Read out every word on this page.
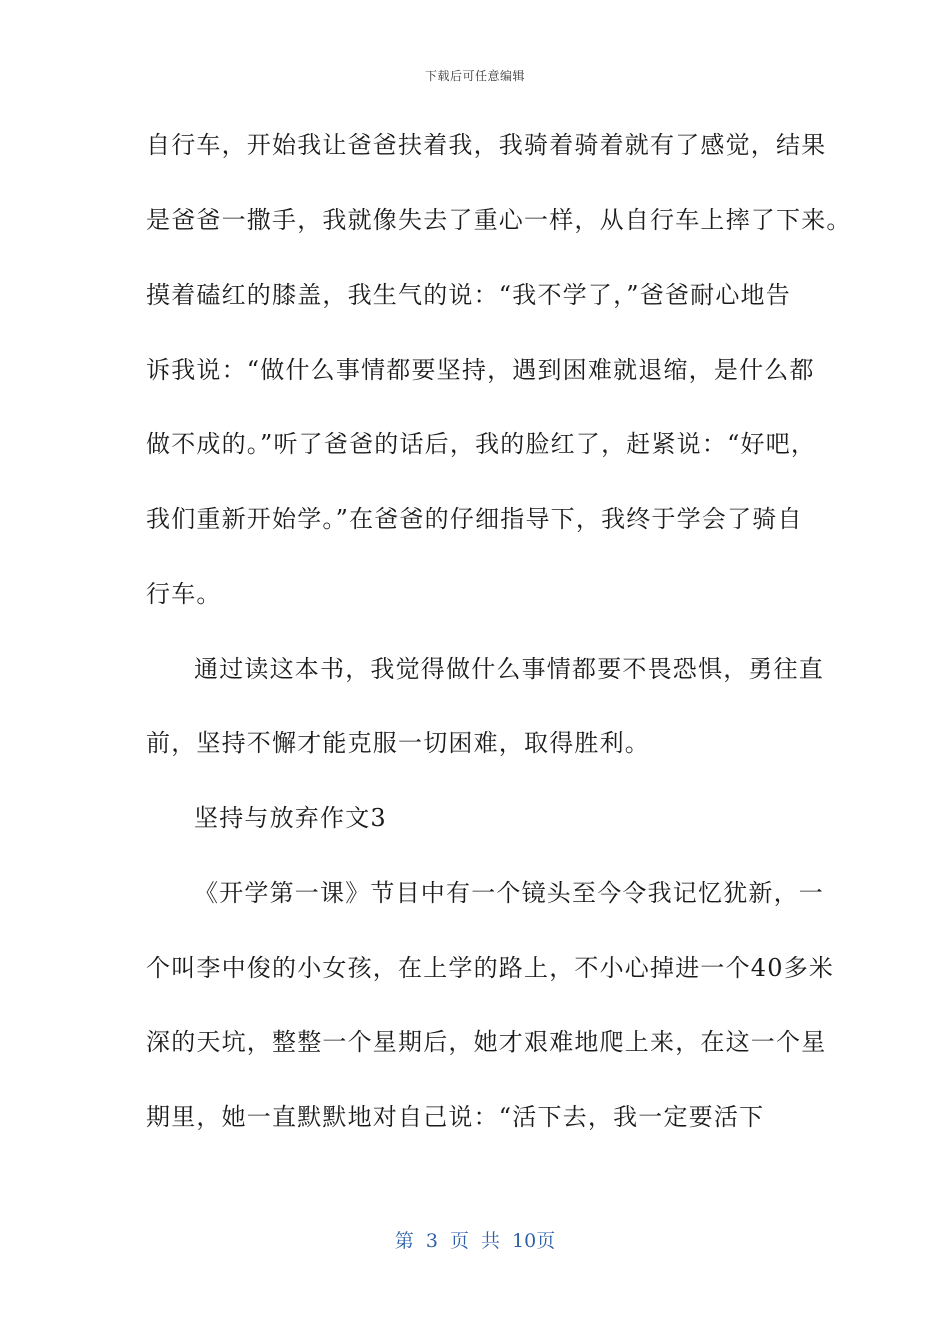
下载后可任意编辑
自行车，开始我让爸爸扶着我，我骑着骑着就有了感觉，结果
是爸爸一撒手，我就像失去了重心一样，从自行车上摔了下来。
摸着磕红的膝盖，我生气的说：“我不学了，”爸爸耐心地告
诉我说：“做什么事情都要坚持，遇到困难就退缩，是什么都
做不成的。”听了爸爸的话后，我的脸红了，赶紧说：“好吧，
我们重新开始学。”在爸爸的仔细指导下，我终于学会了骑自
行车。
通过读这本书，我觉得做什么事情都要不畏恐惧，勇往直
前，坚持不懈才能克服一切困难，取得胜利。
坚持与放弃作文3
《开学第一课》节目中有一个镜头至今令我记忆犹新，一
个叫李中俊的小女孩，在上学的路上，不小心掉进一个40多米
深的天坑，整整一个星期后，她才艰难地爬上来，在这一个星
期里，她一直默默地对自己说：“活下去，我一定要活下
第 3 页 共 10页
